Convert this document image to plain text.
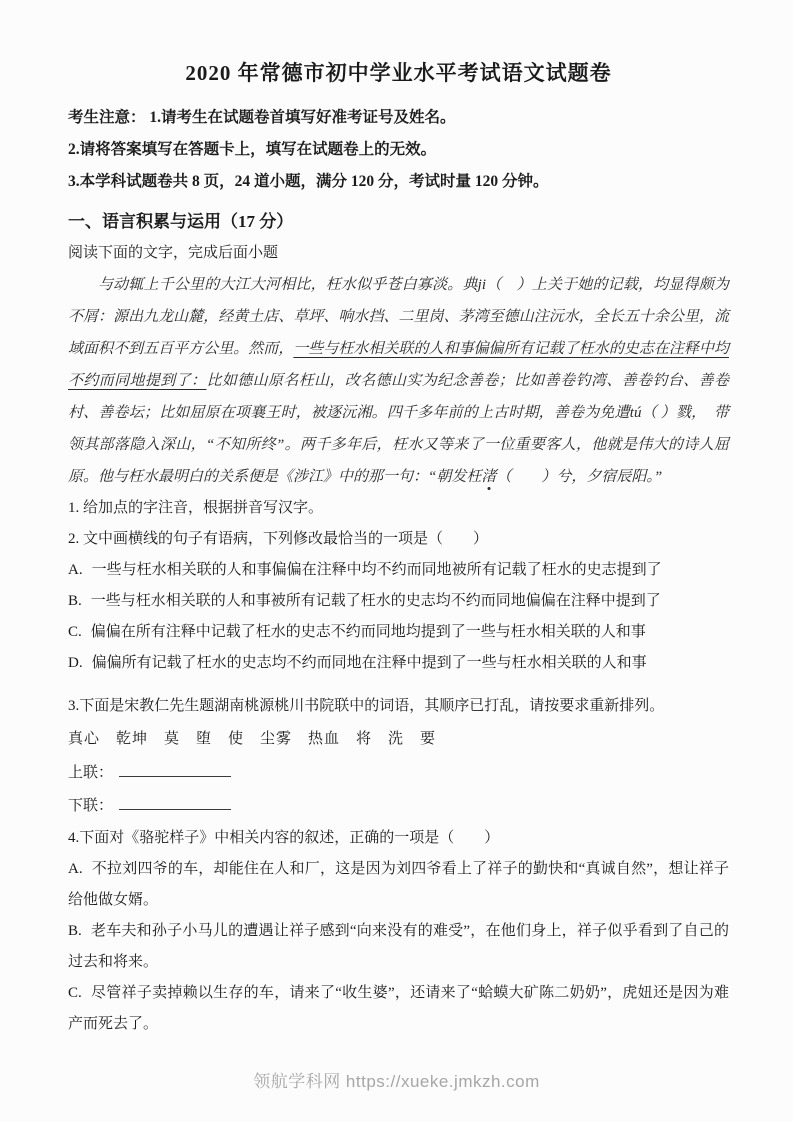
2020 年常德市初中学业水平考试语文试题卷

考生注意： 1.请考生在试题卷首填写好准考证号及姓名。

2.请将答案填写在答题卡上，填写在试题卷上的无效。

3.本学科试题卷共 8 页，24 道小题，满分 120 分，考试时量 120 分钟。

一、语言积累与运用（17 分）

阅读下面的文字，完成后面小题

与动辄上千公里的大江大河相比，枉水似乎苍白寡淡。典ji（　）上关于她的记载，均显得颇为不屑：源出九龙山麓，经黄土店、草坪、响水挡、二里岗、茅湾至德山注沅水，全长五十余公里，流域面积不到五百平方公里。然而，一些与枉水相关联的人和事偏偏所有记载了枉水的史志在注释中均不约而同地提到了：比如德山原名枉山，改名德山实为纪念善卷；比如善卷钓湾、善卷钓台、善卷村、善卷坛；比如屈原在项襄王时，被逐沅湘。四千多年前的上古时期，善卷为免遭tú（ ）戮，　带领其部落隐入深山，“不知所终”。两千多年后，枉水又等来了一位重要客人，他就是伟大的诗人屈原。他与枉水最明白的关系便是《涉江》中的那一句：“朝发枉渚（　　）兮，夕宿辰阳。”

1. 给加点的字注音，根据拼音写汉字。

2. 文中画横线的句子有语病，下列修改最恰当的一项是（　　）

A. 一些与枉水相关联的人和事偏偏在注释中均不约而同地被所有记载了枉水的史志提到了

B. 一些与枉水相关联的人和事被所有记载了枉水的史志均不约而同地偏偏在注释中提到了

C. 偏偏在所有注释中记载了枉水的史志不约而同地均提到了一些与枉水相关联的人和事

D. 偏偏所有记载了枉水的史志均不约而同地在注释中提到了一些与枉水相关联的人和事

3.下面是宋教仁先生题湖南桃源桃川书院联中的词语，其顺序已打乱，请按要求重新排列。

真心　乾坤　莫　堕　使　尘雾　热血　将　洗　要

上联：

下联：

4.下面对《骆驼样子》中相关内容的叙述，正确的一项是（　　）

A. 不拉刘四爷的车，却能住在人和厂，这是因为刘四爷看上了祥子的勤快和“真诚自然”，想让祥子给他做女婿。

B. 老车夫和孙子小马儿的遭遇让祥子感到“向来没有的难受”，在他们身上，祥子似乎看到了自己的过去和将来。

C. 尽管祥子卖掉赖以生存的车，请来了“收生婆”，还请来了“蛤蟆大矿陈二奶奶”，虎妞还是因为难产而死去了。

领航学科网 https://xueke.jmkzh.com
